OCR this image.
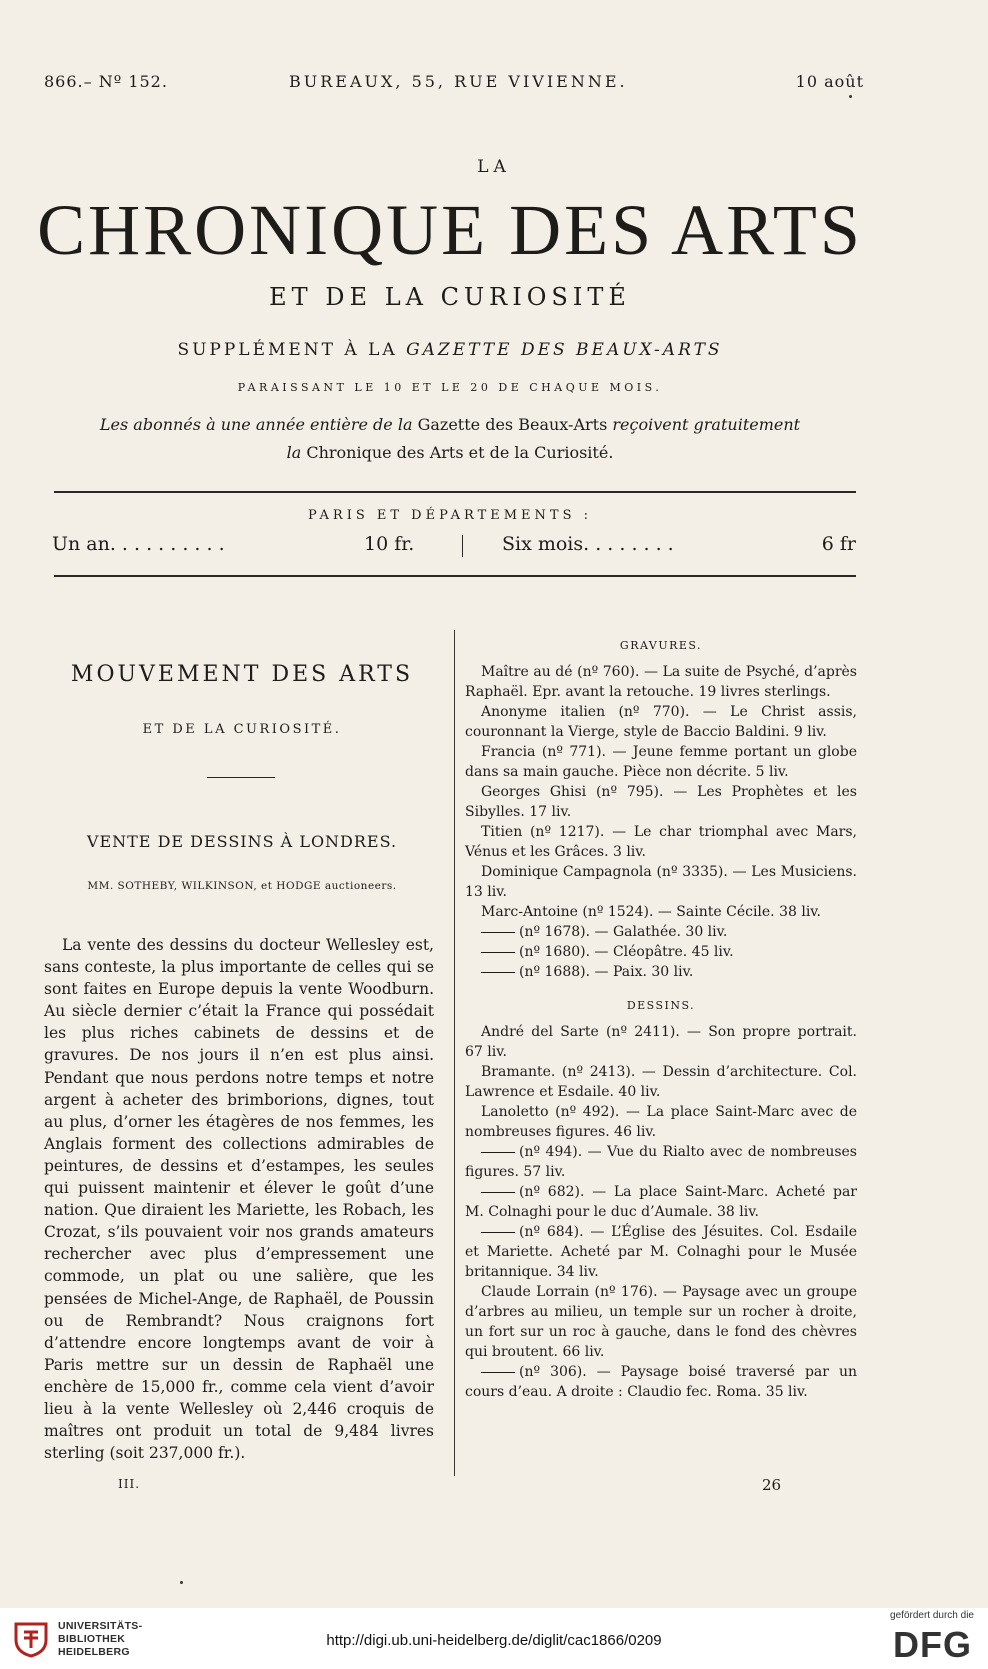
866.– Nº 152.	BUREAUX, 55, RUE VIVIENNE.	10 août
LA
CHRONIQUE DES ARTS
ET DE LA CURIOSITÉ
SUPPLÉMENT À LA GAZETTE DES BEAUX-ARTS
PARAISSANT LE 10 ET LE 20 DE CHAQUE MOIS.
Les abonnés à une année entière de la Gazette des Beaux-Arts reçoivent gratuitement
la Chronique des Arts et de la Curiosité.
PARIS ET DÉPARTEMENTS :
Un an. . . . . . . . . .	10 fr.	Six mois. . . . . . . .	6 fr
MOUVEMENT DES ARTS
ET DE LA CURIOSITÉ.
VENTE DE DESSINS À LONDRES.
MM. SOTHEBY, WILKINSON, et HODGE auctioneers.

La vente des dessins du docteur Wellesley est, sans conteste, la plus importante de celles qui se sont faites en Europe depuis la vente Woodburn. Au siècle dernier c’était la France qui possédait les plus riches cabinets de dessins et de gravures. De nos jours il n’en est plus ainsi. Pendant que nous perdons notre temps et notre argent à acheter des brimborions, dignes, tout au plus, d’orner les étagères de nos femmes, les Anglais forment des collections admirables de peintures, de dessins et d’estampes, les seules qui puissent maintenir et élever le goût d’une nation. Que diraient les Mariette, les Robach, les Crozat, s’ils pouvaient voir nos grands amateurs rechercher avec plus d’empressement une commode, un plat ou une salière, que les pensées de Michel-Ange, de Raphaël, de Poussin ou de Rembrandt? Nous craignons fort d’attendre encore longtemps avant de voir à Paris mettre sur un dessin de Raphaël une enchère de 15,000 fr., comme cela vient d’avoir lieu à la vente Wellesley où 2,446 croquis de maîtres ont produit un total de 9,484 livres sterling (soit 237,000 fr.).

III.
GRAVURES.

Maître au dé (nº 760). — La suite de Psyché, d’après Raphaël. Epr. avant la retouche. 19 livres sterlings.

Anonyme italien (nº 770). — Le Christ assis, couronnant la Vierge, style de Baccio Baldini. 9 liv.

Francia (nº 771). — Jeune femme portant un globe dans sa main gauche. Pièce non décrite. 5 liv.

Georges Ghisi (nº 795). — Les Prophètes et les Sibylles. 17 liv.

Titien (nº 1217). — Le char triomphal avec Mars, Vénus et les Grâces. 3 liv.

Dominique Campagnola (nº 3335). — Les Musiciens. 13 liv.

Marc-Antoine (nº 1524). — Sainte Cécile. 38 liv.

(nº 1678). — Galathée. 30 liv.

(nº 1680). — Cléopâtre. 45 liv.

(nº 1688). — Paix. 30 liv.

DESSINS.

André del Sarte (nº 2411). — Son propre portrait. 67 liv.

Bramante. (nº 2413). — Dessin d’architecture. Col. Lawrence et Esdaile. 40 liv.

Lanoletto (nº 492). — La place Saint-Marc avec de nombreuses figures. 46 liv.

(nº 494). — Vue du Rialto avec de nombreuses figures. 57 liv.

(nº 682). — La place Saint-Marc. Acheté par M. Colnaghi pour le duc d’Aumale. 38 liv.

(nº 684). — L’Église des Jésuites. Col. Esdaile et Mariette. Acheté par M. Colnaghi pour le Musée britannique. 34 liv.

Claude Lorrain (nº 176). — Paysage avec un groupe d’arbres au milieu, un temple sur un rocher à droite, un fort sur un roc à gauche, dans le fond des chèvres qui broutent. 66 liv.

(nº 306). — Paysage boisé traversé par un cours d’eau. A droite : Claudio fec. Roma. 35 liv.

26
UNIVERSITÄTS-
BIBLIOTHEK
HEIDELBERG
http://digi.ub.uni-heidelberg.de/diglit/cac1866/0209
gefördert durch die
DFG
